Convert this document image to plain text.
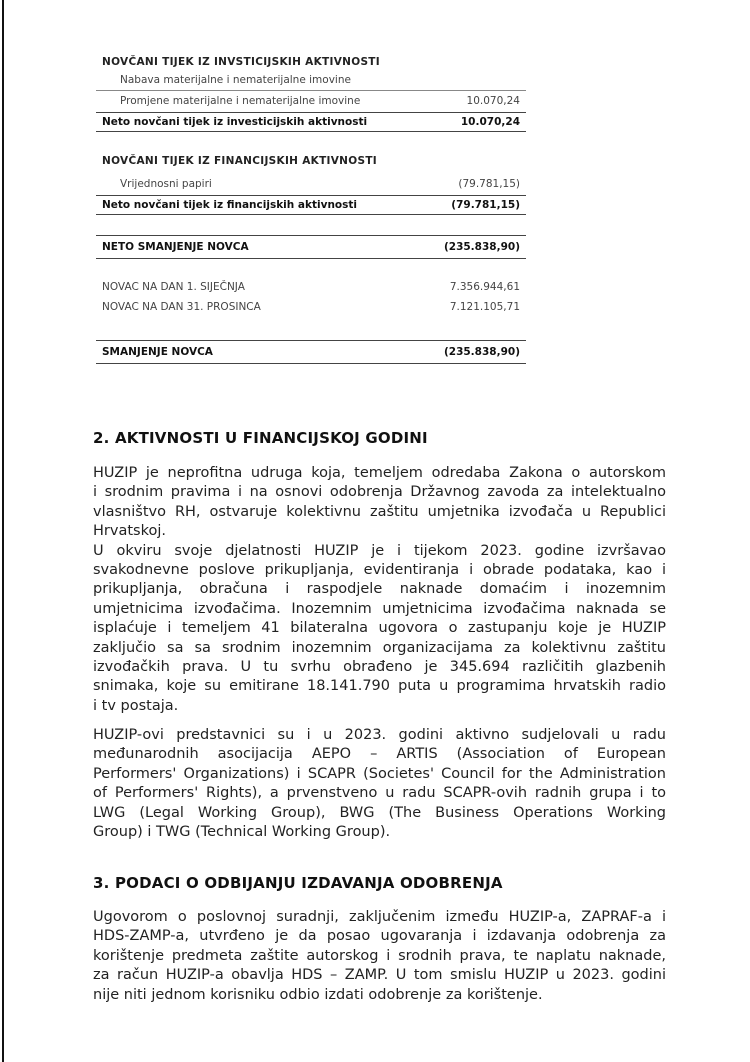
NOVČANI TIJEK IZ INVSTICIJSKIH AKTIVNOSTI
Nabava materijalne i nematerijalne imovine
Promjene materijalne i nematerijalne imovine	10.070,24
Neto novčani tijek iz investicijskih aktivnosti	10.070,24
NOVČANI TIJEK IZ FINANCIJSKIH AKTIVNOSTI
Vrijednosni papiri	(79.781,15)
Neto novčani tijek iz financijskih aktivnosti	(79.781,15)
NETO SMANJENJE NOVCA	(235.838,90)
NOVAC NA DAN 1. SIJEČNJA	7.356.944,61
NOVAC NA DAN 31. PROSINCA	7.121.105,71
SMANJENJE NOVCA	(235.838,90)
2. AKTIVNOSTI U FINANCIJSKOJ GODINI
HUZIP je neprofitna udruga koja, temeljem odredaba Zakona o autorskom
i srodnim pravima i na osnovi odobrenja Državnog zavoda za intelektualno
vlasništvo RH, ostvaruje kolektivnu zaštitu umjetnika izvođača u Republici
Hrvatskoj.
U okviru svoje djelatnosti HUZIP je i tijekom 2023. godine izvršavao
svakodnevne poslove prikupljanja, evidentiranja i obrade podataka, kao i
prikupljanja, obračuna i raspodjele naknade domaćim i inozemnim
umjetnicima izvođačima. Inozemnim umjetnicima izvođačima naknada se
isplaćuje i temeljem 41 bilateralna ugovora o zastupanju koje je HUZIP
zaključio sa sa srodnim inozemnim organizacijama za kolektivnu zaštitu
izvođačkih prava. U tu svrhu obrađeno je 345.694 različitih glazbenih
snimaka, koje su emitirane 18.141.790 puta u programima hrvatskih radio
i tv postaja.
HUZIP-ovi predstavnici su i u 2023. godini aktivno sudjelovali u radu
međunarodnih asocijacija AEPO – ARTIS (Association of European
Performers' Organizations) i SCAPR (Societes' Council for the Administration
of Performers' Rights), a prvenstveno u radu SCAPR-ovih radnih grupa i to
LWG (Legal Working Group), BWG (The Business Operations Working
Group) i TWG (Technical Working Group).
3. PODACI O ODBIJANJU IZDAVANJA ODOBRENJA
Ugovorom o poslovnoj suradnji, zaključenim između HUZIP-a, ZAPRAF-a i
HDS-ZAMP-a, utvrđeno je da posao ugovaranja i izdavanja odobrenja za
korištenje predmeta zaštite autorskog i srodnih prava, te naplatu naknade,
za račun HUZIP-a obavlja HDS – ZAMP. U tom smislu HUZIP u 2023. godini
nije niti jednom korisniku odbio izdati odobrenje za korištenje.
